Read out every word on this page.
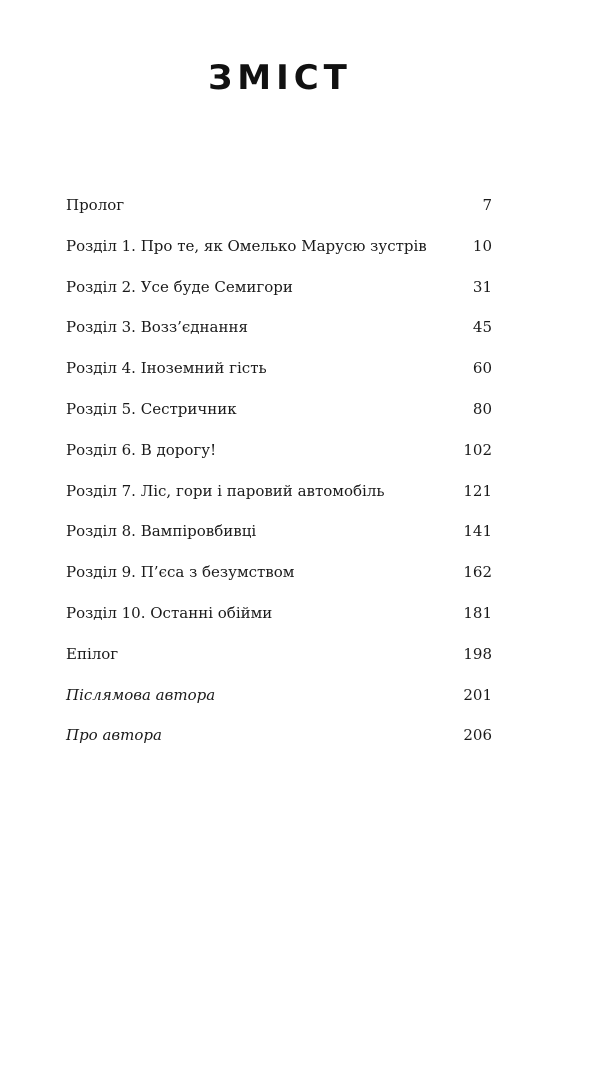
ЗМІСТ
Пролог	7
Розділ 1. Про те, як Омелько Марусю зустрів	10
Розділ 2. Усе буде Семигори	31
Розділ 3. Возз’єднання	45
Розділ 4. Іноземний гість	60
Розділ 5. Сестричник	80
Розділ 6. В дорогу!	102
Розділ 7. Ліс, гори і паровий автомобіль	121
Розділ 8. Вампіровбивці	141
Розділ 9. П’єса з безумством	162
Розділ 10. Останні обійми	181
Епілог	198
Післямова автора	201
Про автора	206
